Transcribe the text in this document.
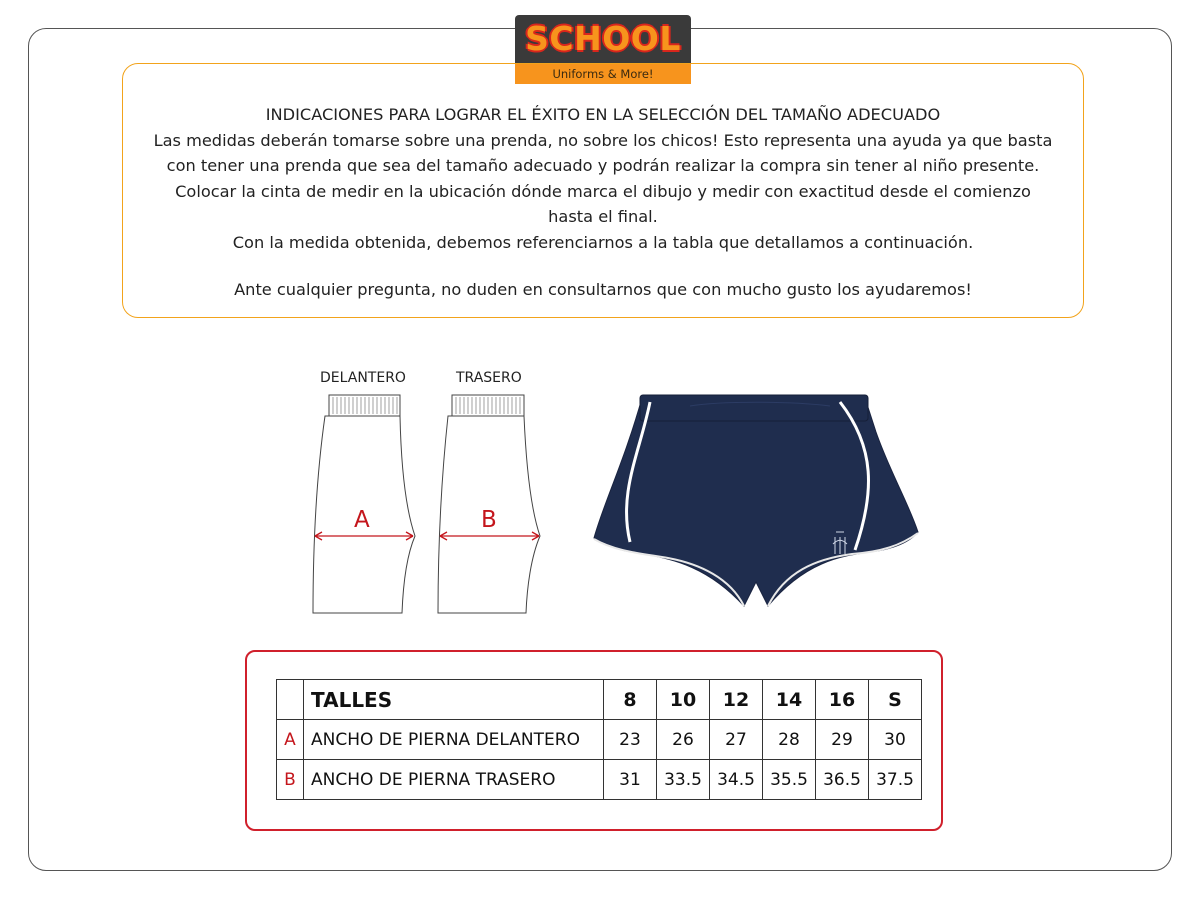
SCHOOL
Uniforms & More!

INDICACIONES PARA LOGRAR EL ÉXITO EN LA SELECCIÓN DEL TAMAÑO ADECUADO

Las medidas deberán tomarse sobre una prenda, no sobre los chicos! Esto representa una ayuda ya que basta

con tener una prenda que sea del tamaño adecuado y podrán realizar la compra sin tener al niño presente.

Colocar la cinta de medir en la ubicación dónde marca el dibujo y medir con exactitud desde el comienzo

hasta el final.

Con la medida obtenida, debemos referenciarnos a la tabla que detallamos a continuación.

Ante cualquier pregunta, no duden en consultarnos que con mucho gusto los ayudaremos!

DELANTERO	TRASERO
A	B
	TALLES	8	10	12	14	16	S
A	ANCHO DE PIERNA DELANTERO	23	26	27	28	29	30
B	ANCHO DE PIERNA TRASERO	31	33.5	34.5	35.5	36.5	37.5
